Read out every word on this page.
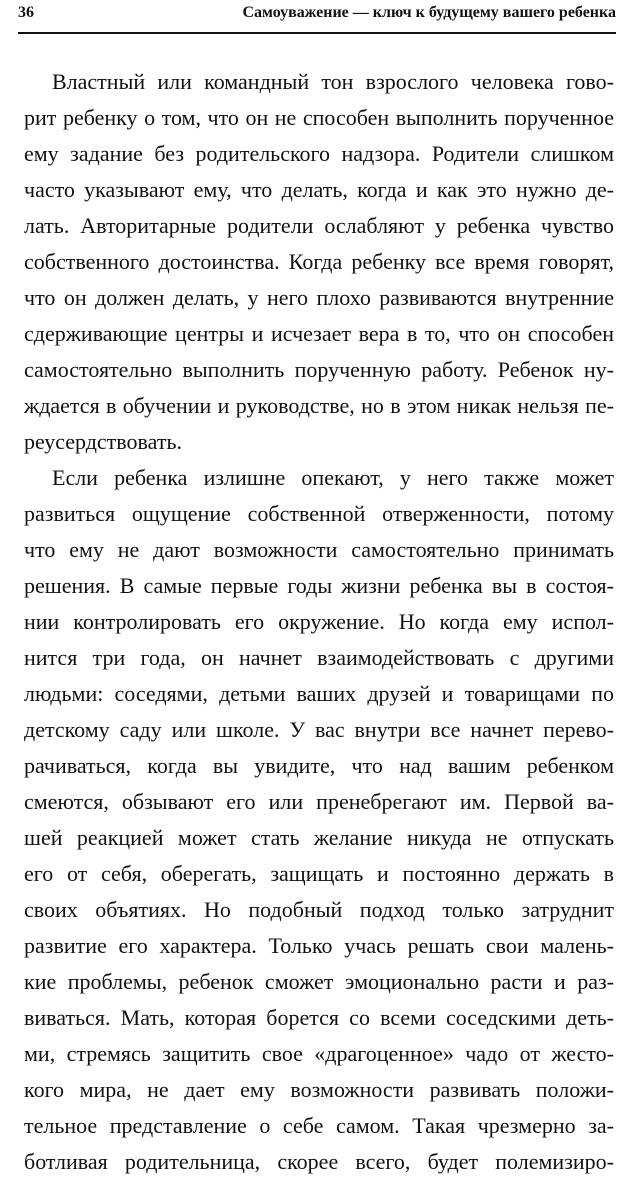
36	Самоуважение — ключ к будущему вашего ребенка
Властный или командный тон взрослого человека гово-
рит ребенку о том, что он не способен выполнить порученное
ему задание без родительского надзора. Родители слишком
часто указывают ему, что делать, когда и как это нужно де-
лать. Авторитарные родители ослабляют у ребенка чувство
собственного достоинства. Когда ребенку все время говорят,
что он должен делать, у него плохо развиваются внутренние
сдерживающие центры и исчезает вера в то, что он способен
самостоятельно выполнить порученную работу. Ребенок ну-
ждается в обучении и руководстве, но в этом никак нельзя пе-
реусердствовать.
Если ребенка излишне опекают, у него также может
развиться ощущение собственной отверженности, потому
что ему не дают возможности самостоятельно принимать
решения. В самые первые годы жизни ребенка вы в состоя-
нии контролировать его окружение. Но когда ему испол-
нится три года, он начнет взаимодействовать с другими
людьми: соседями, детьми ваших друзей и товарищами по
детскому саду или школе. У вас внутри все начнет перево-
рачиваться, когда вы увидите, что над вашим ребенком
смеются, обзывают его или пренебрегают им. Первой ва-
шей реакцией может стать желание никуда не отпускать
его от себя, оберегать, защищать и постоянно держать в
своих объятиях. Но подобный подход только затруднит
развитие его характера. Только учась решать свои малень-
кие проблемы, ребенок сможет эмоционально расти и раз-
виваться. Мать, которая борется со всеми соседскими деть-
ми, стремясь защитить свое «драгоценное» чадо от жесто-
кого мира, не дает ему возможности развивать положи-
тельное представление о себе самом. Такая чрезмерно за-
ботливая родительница, скорее всего, будет полемизиро-
